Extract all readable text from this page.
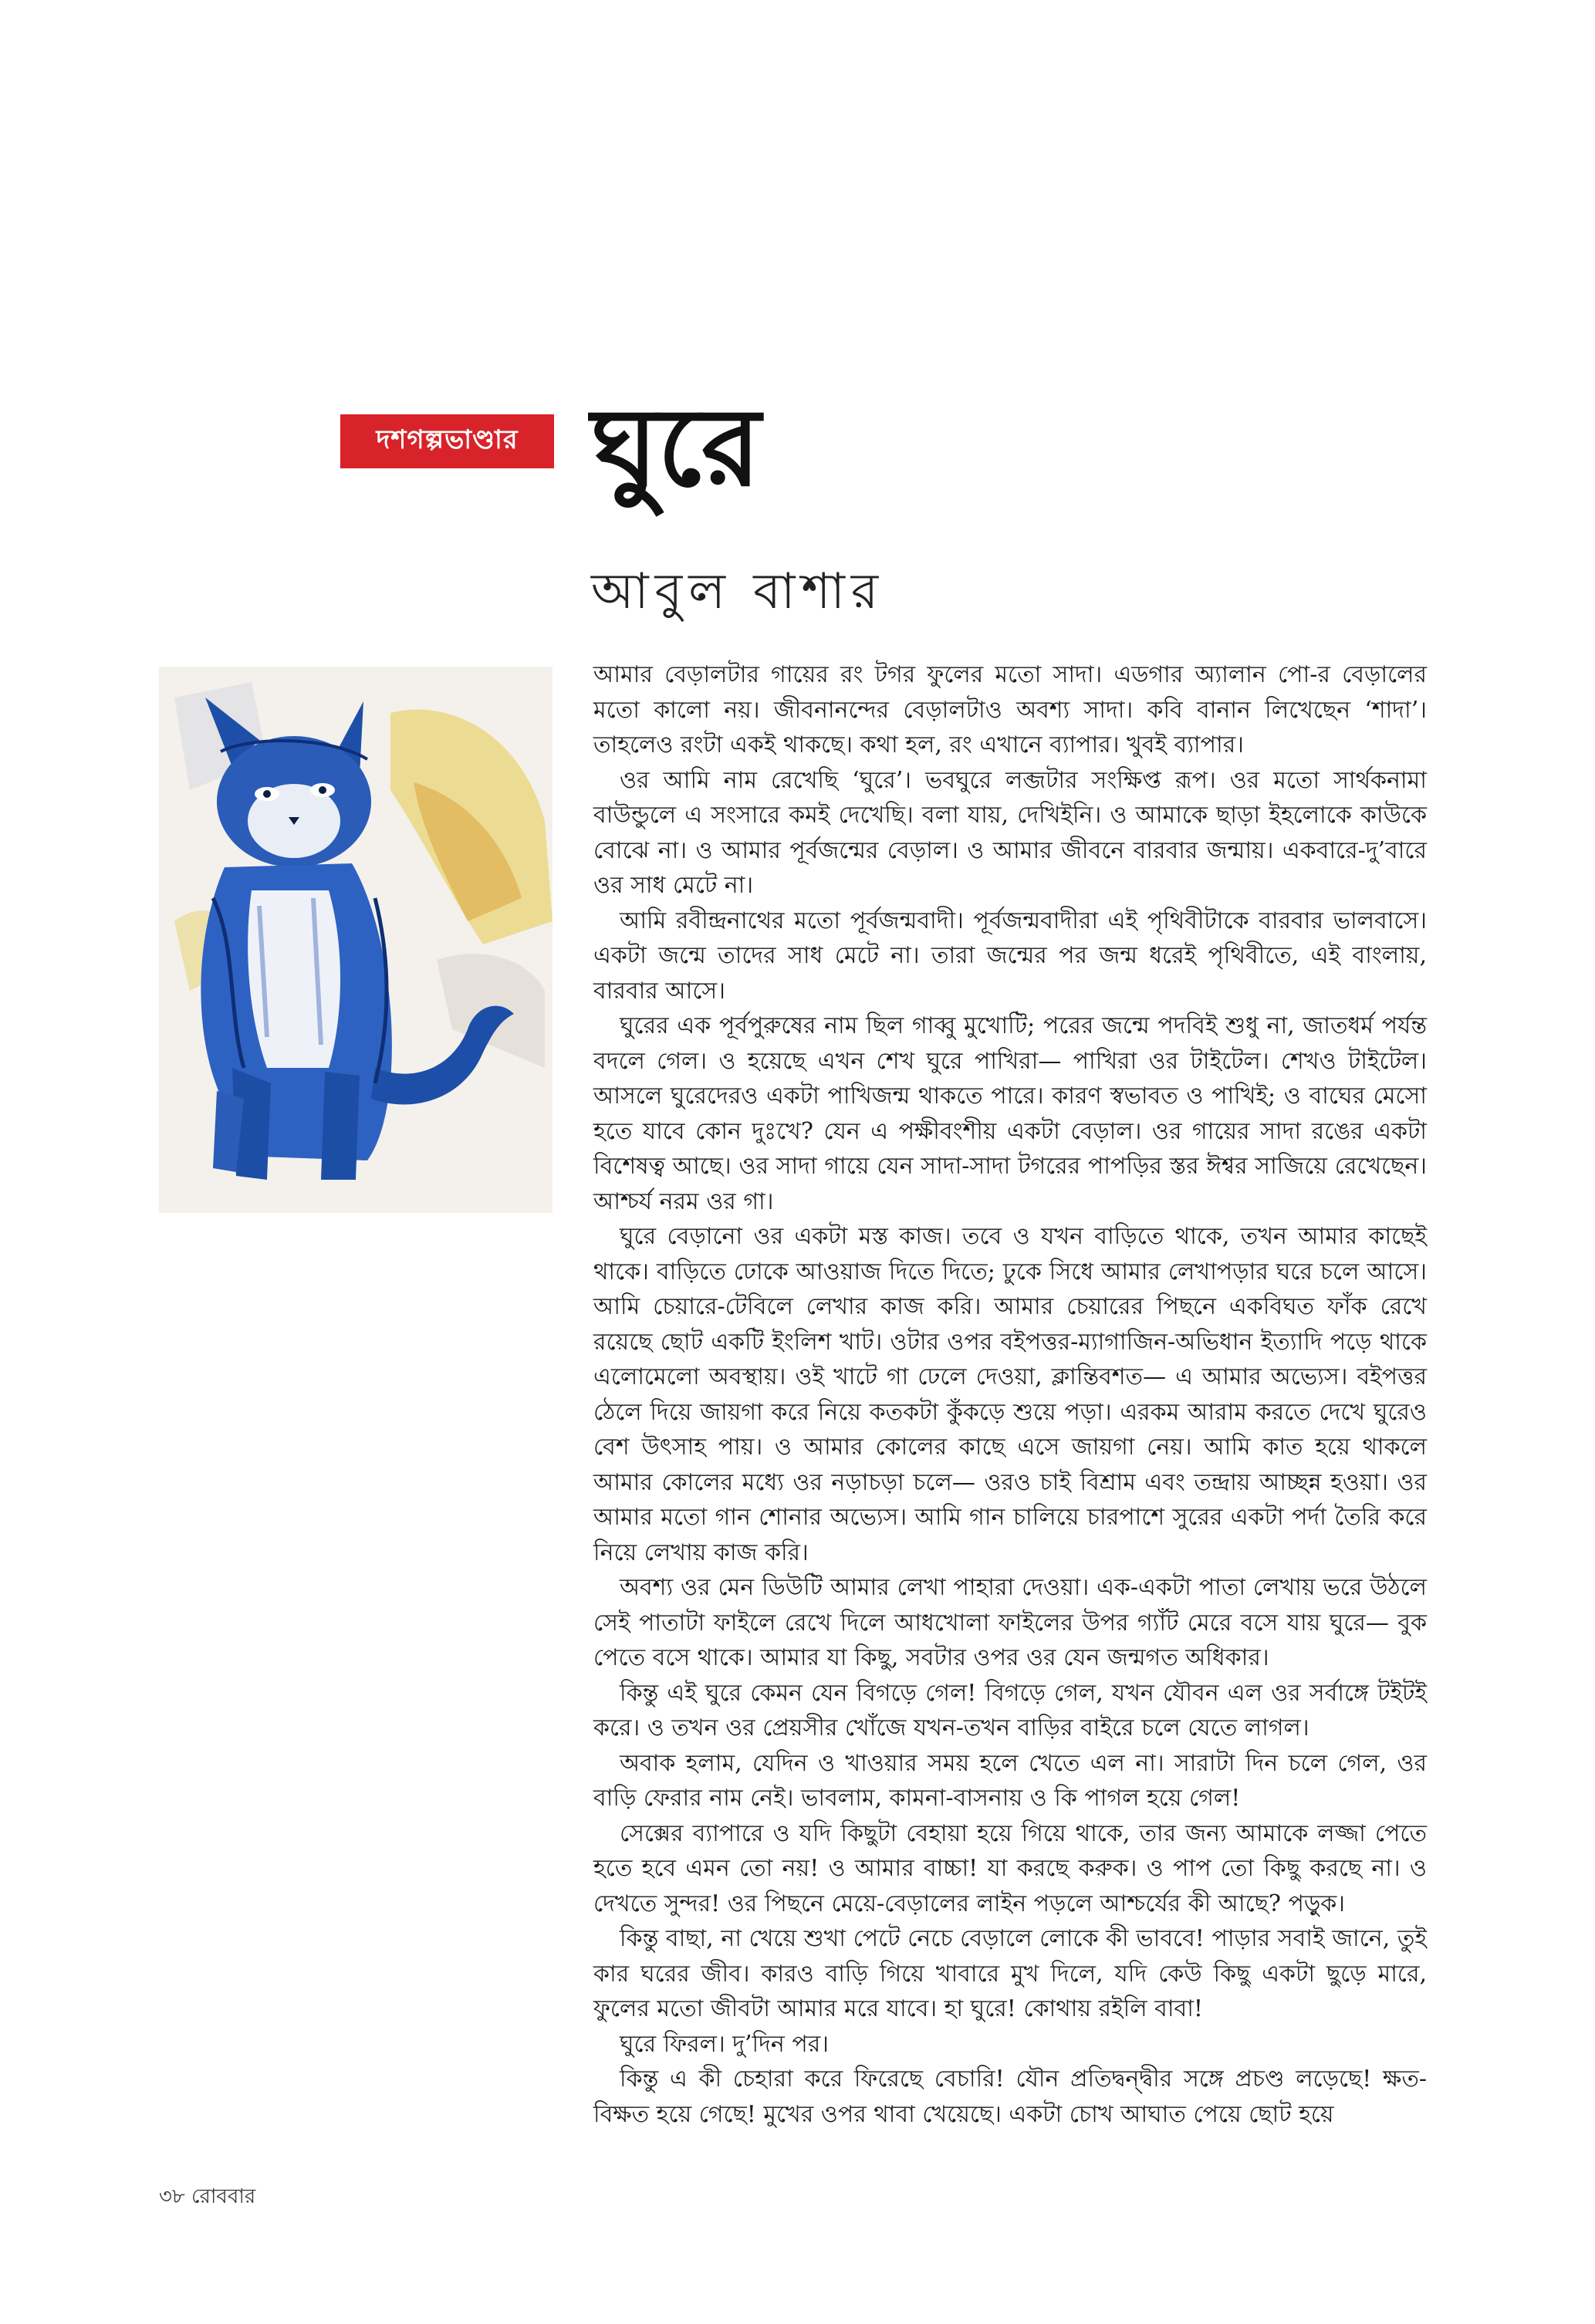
দশগল্পভাণ্ডার ঘুরে
আবুল বাশার

আমার বেড়ালটার গায়ের রং টগর ফুলের মতো সাদা। এডগার অ্যালান পো-র বেড়ালের মতো কালো নয়। জীবনানন্দের বেড়ালটাও অবশ্য সাদা। কবি বানান লিখেছেন ‘শাদা’। তাহলেও রংটা একই থাকছে। কথা হল, রং এখানে ব্যাপার। খুবই ব্যাপার।

ওর আমি নাম রেখেছি ‘ঘুরে’। ভবঘুরে লব্জটার সংক্ষিপ্ত রূপ। ওর মতো সার্থকনামা বাউন্ডুলে এ সংসারে কমই দেখেছি। বলা যায়, দেখিইনি। ও আমাকে ছাড়া ইহলোকে কাউকে বোঝে না। ও আমার পূর্বজন্মের বেড়াল। ও আমার জীবনে বারবার জন্মায়। একবারে-দু’বারে ওর সাধ মেটে না।

আমি রবীন্দ্রনাথের মতো পূর্বজন্মবাদী। পূর্বজন্মবাদীরা এই পৃথিবীটাকে বারবার ভালবাসে। একটা জন্মে তাদের সাধ মেটে না। তারা জন্মের পর জন্ম ধরেই পৃথিবীতে, এই বাংলায়, বারবার আসে।

ঘুরের এক পূর্বপুরুষের নাম ছিল গাব্বু মুখোটি; পরের জন্মে পদবিই শুধু না, জাতধর্ম পর্যন্ত বদলে গেল। ও হয়েছে এখন শেখ ঘুরে পাখিরা— পাখিরা ওর টাইটেল। শেখও টাইটেল। আসলে ঘুরেদেরও একটা পাখিজন্ম থাকতে পারে। কারণ স্বভাবত ও পাখিই; ও বাঘের মেসো হতে যাবে কোন দুঃখে? যেন এ পক্ষীবংশীয় একটা বেড়াল। ওর গায়ের সাদা রঙের একটা বিশেষত্ব আছে। ওর সাদা গায়ে যেন সাদা-সাদা টগরের পাপড়ির স্তর ঈশ্বর সাজিয়ে রেখেছেন। আশ্চর্য নরম ওর গা।

ঘুরে বেড়ানো ওর একটা মস্ত কাজ। তবে ও যখন বাড়িতে থাকে, তখন আমার কাছেই থাকে। বাড়িতে ঢোকে আওয়াজ দিতে দিতে; ঢুকে সিধে আমার লেখাপড়ার ঘরে চলে আসে। আমি চেয়ারে-টেবিলে লেখার কাজ করি। আমার চেয়ারের পিছনে একবিঘত ফাঁক রেখে রয়েছে ছোট একটি ইংলিশ খাট। ওটার ওপর বইপত্তর-ম্যাগাজিন-অভিধান ইত্যাদি পড়ে থাকে এলোমেলো অবস্থায়। ওই খাটে গা ঢেলে দেওয়া, ক্লান্তিবশত— এ আমার অভ্যেস। বইপত্তর ঠেলে দিয়ে জায়গা করে নিয়ে কতকটা কুঁকড়ে শুয়ে পড়া। এরকম আরাম করতে দেখে ঘুরেও বেশ উৎসাহ পায়। ও আমার কোলের কাছে এসে জায়গা নেয়। আমি কাত হয়ে থাকলে আমার কোলের মধ্যে ওর নড়াচড়া চলে— ওরও চাই বিশ্রাম এবং তন্দ্রায় আচ্ছন্ন হওয়া। ওর আমার মতো গান শোনার অভ্যেস। আমি গান চালিয়ে চারপাশে সুরের একটা পর্দা তৈরি করে নিয়ে লেখায় কাজ করি।

অবশ্য ওর মেন ডিউটি আমার লেখা পাহারা দেওয়া। এক-একটা পাতা লেখায় ভরে উঠলে সেই পাতাটা ফাইলে রেখে দিলে আধখোলা ফাইলের উপর গ্যাঁট মেরে বসে যায় ঘুরে— বুক পেতে বসে থাকে। আমার যা কিছু, সবটার ওপর ওর যেন জন্মগত অধিকার।

কিন্তু এই ঘুরে কেমন যেন বিগড়ে গেল! বিগড়ে গেল, যখন যৌবন এল ওর সর্বাঙ্গে টইটই করে। ও তখন ওর প্রেয়সীর খোঁজে যখন-তখন বাড়ির বাইরে চলে যেতে লাগল।

অবাক হলাম, যেদিন ও খাওয়ার সময় হলে খেতে এল না। সারাটা দিন চলে গেল, ওর বাড়ি ফেরার নাম নেই। ভাবলাম, কামনা-বাসনায় ও কি পাগল হয়ে গেল!

সেক্সের ব্যাপারে ও যদি কিছুটা বেহায়া হয়ে গিয়ে থাকে, তার জন্য আমাকে লজ্জা পেতে হতে হবে এমন তো নয়! ও আমার বাচ্চা! যা করছে করুক। ও পাপ তো কিছু করছে না। ও দেখতে সুন্দর! ওর পিছনে মেয়ে-বেড়ালের লাইন পড়লে আশ্চর্যের কী আছে? পড়ুক।

কিন্তু বাছা, না খেয়ে শুখা পেটে নেচে বেড়ালে লোকে কী ভাববে! পাড়ার সবাই জানে, তুই কার ঘরের জীব। কারও বাড়ি গিয়ে খাবারে মুখ দিলে, যদি কেউ কিছু একটা ছুড়ে মারে, ফুলের মতো জীবটা আমার মরে যাবে। হা ঘুরে! কোথায় রইলি বাবা!

ঘুরে ফিরল। দু’দিন পর।

কিন্তু এ কী চেহারা করে ফিরেছে বেচারি! যৌন প্রতিদ্বন্দ্বীর সঙ্গে প্রচণ্ড লড়েছে! ক্ষত-বিক্ষত হয়ে গেছে! মুখের ওপর থাবা খেয়েছে। একটা চোখ আঘাত পেয়ে ছোট হয়ে

৩৮ রোববার
